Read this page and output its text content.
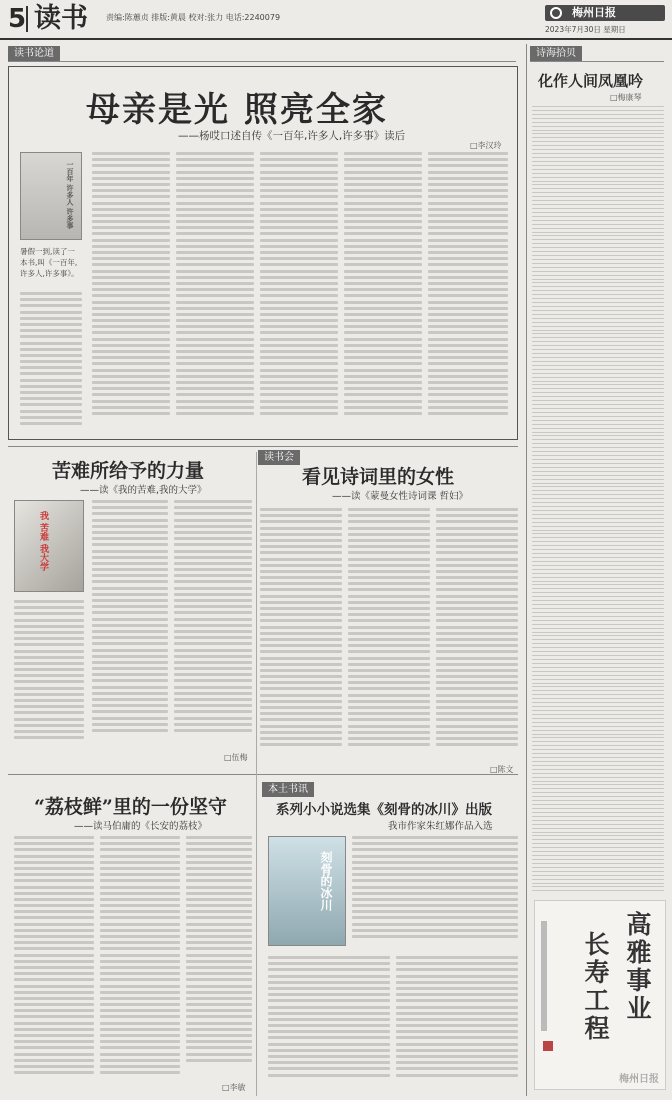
5 读书 责编:陈蕙贞 排版:黄晨 校对:张力 电话:2240079	梅州日报
2023年7月30日 星期日
读书论道
母亲是光 照亮全家
——杨哎口述自传《一百年,许多人,许多事》读后
□李汉玲
一百年 许多人 许多事
暑假一到,读了一本书,叫《一百年,许多人,许多事》。
诗海拾贝
化作人间凤凰吟
□梅康琴
高雅事业
长寿工程
梅州日报
苦难所给予的力量
——读《我的苦难,我的大学》
我 苦难 我大学
□伍梅
读书会
看见诗词里的女性
——读《蒙曼女性诗词课 哲妇》
□陈文
“荔枝鲜”里的一份坚守
——读马伯庸的《长安的荔枝》
□李敏
本土书讯
系列小小说选集《刻骨的冰川》出版
我市作家朱红娜作品入选
刻骨的冰川
